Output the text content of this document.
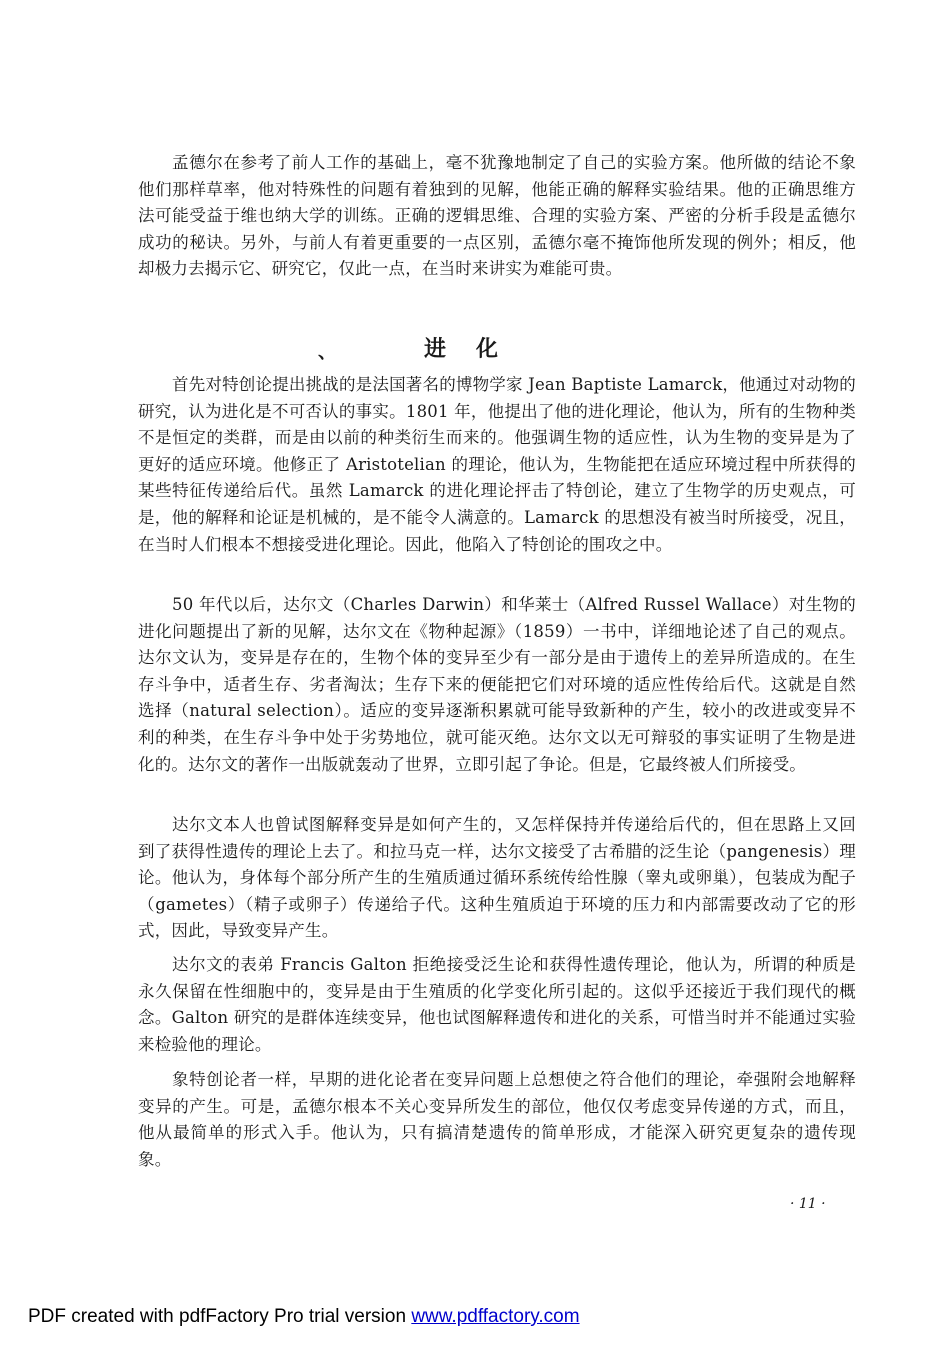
孟德尔在参考了前人工作的基础上，毫不犹豫地制定了自己的实验方案。他所做的结论不象他们那样草率，他对特殊性的问题有着独到的见解，他能正确的解释实验结果。他的正确思维方法可能受益于维也纳大学的训练。正确的逻辑思维、合理的实验方案、严密的分析手段是孟德尔成功的秘诀。另外，与前人有着更重要的一点区别，孟德尔毫不掩饰他所发现的例外；相反，他却极力去揭示它、研究它，仅此一点，在当时来讲实为难能可贵。

、	进化

首先对特创论提出挑战的是法国著名的博物学家 Jean Baptiste Lamarck，他通过对动物的研究，认为进化是不可否认的事实。1801 年，他提出了他的进化理论，他认为，所有的生物种类不是恒定的类群，而是由以前的种类衍生而来的。他强调生物的适应性，认为生物的变异是为了更好的适应环境。他修正了 Aristotelian 的理论，他认为，生物能把在适应环境过程中所获得的某些特征传递给后代。虽然 Lamarck 的进化理论抨击了特创论，建立了生物学的历史观点，可是，他的解释和论证是机械的，是不能令人满意的。Lamarck 的思想没有被当时所接受，况且，在当时人们根本不想接受进化理论。因此，他陷入了特创论的围攻之中。

50 年代以后，达尔文（Charles Darwin）和华莱士（Alfred Russel Wallace）对生物的进化问题提出了新的见解，达尔文在《物种起源》（1859）一书中，详细地论述了自己的观点。达尔文认为，变异是存在的，生物个体的变异至少有一部分是由于遗传上的差异所造成的。在生存斗争中，适者生存、劣者淘汰；生存下来的便能把它们对环境的适应性传给后代。这就是自然选择（natural selection）。适应的变异逐渐积累就可能导致新种的产生，较小的改进或变异不利的种类，在生存斗争中处于劣势地位，就可能灭绝。达尔文以无可辩驳的事实证明了生物是进化的。达尔文的著作一出版就轰动了世界，立即引起了争论。但是，它最终被人们所接受。

达尔文本人也曾试图解释变异是如何产生的，又怎样保持并传递给后代的，但在思路上又回到了获得性遗传的理论上去了。和拉马克一样，达尔文接受了古希腊的泛生论（pangenesis）理论。他认为，身体每个部分所产生的生殖质通过循环系统传给性腺（睾丸或卵巢），包装成为配子（gametes）（精子或卵子）传递给子代。这种生殖质迫于环境的压力和内部需要改动了它的形式，因此，导致变异产生。

达尔文的表弟 Francis Galton 拒绝接受泛生论和获得性遗传理论，他认为，所谓的种质是永久保留在性细胞中的，变异是由于生殖质的化学变化所引起的。这似乎还接近于我们现代的概念。Galton 研究的是群体连续变异，他也试图解释遗传和进化的关系，可惜当时并不能通过实验来检验他的理论。

象特创论者一样，早期的进化论者在变异问题上总想使之符合他们的理论，牵强附会地解释变异的产生。可是，孟德尔根本不关心变异所发生的部位，他仅仅考虑变异传递的方式，而且，他从最简单的形式入手。他认为，只有搞清楚遗传的简单形成，才能深入研究更复杂的遗传现象。

· 11 ·

PDF created with pdfFactory Pro trial version www.pdffactory.com
